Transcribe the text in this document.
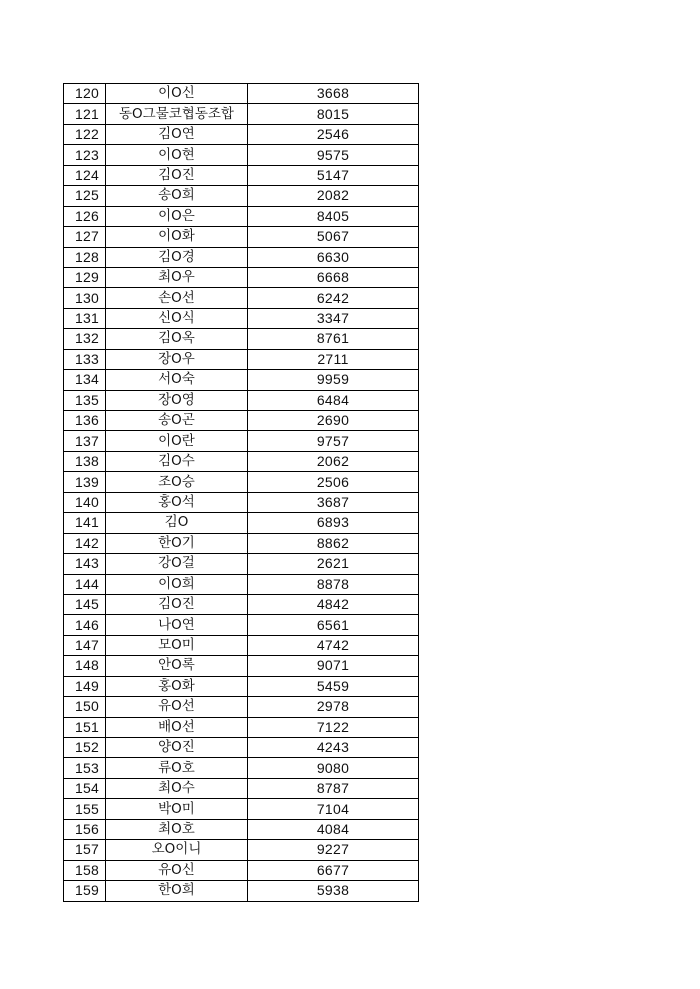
120	이O신	3668
121	동O그물코협동조합	8015
122	김O연	2546
123	이O현	9575
124	김O진	5147
125	송O희	2082
126	이O은	8405
127	이O화	5067
128	김O경	6630
129	최O우	6668
130	손O선	6242
131	신O식	3347
132	김O옥	8761
133	장O우	2711
134	서O숙	9959
135	장O영	6484
136	송O곤	2690
137	이O란	9757
138	김O수	2062
139	조O승	2506
140	홍O석	3687
141	김O	6893
142	한O기	8862
143	강O걸	2621
144	이O희	8878
145	김O진	4842
146	나O연	6561
147	모O미	4742
148	안O록	9071
149	홍O화	5459
150	유O선	2978
151	배O선	7122
152	양O진	4243
153	류O호	9080
154	최O수	8787
155	박O미	7104
156	최O호	4084
157	오O이니	9227
158	유O신	6677
159	한O희	5938
